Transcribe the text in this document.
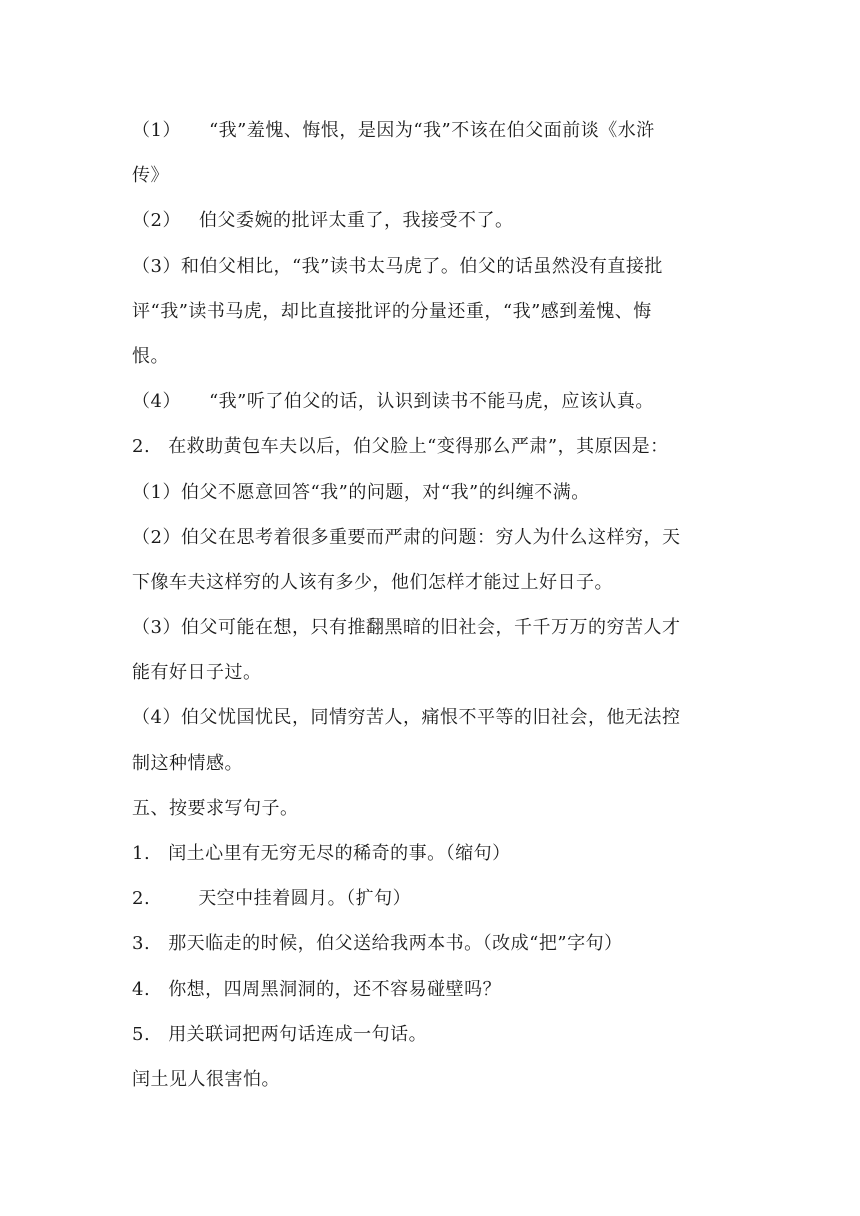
（1） “我”羞愧、悔恨，是因为“我”不该在伯父面前谈《水浒
传》
（2） 伯父委婉的批评太重了，我接受不了。
（3）和伯父相比，“我”读书太马虎了。伯父的话虽然没有直接批
评“我”读书马虎，却比直接批评的分量还重，“我”感到羞愧、悔
恨。
（4） “我”听了伯父的话，认识到读书不能马虎，应该认真。
2. 在救助黄包车夫以后，伯父脸上“变得那么严肃”，其原因是：
（1）伯父不愿意回答“我”的问题，对“我”的纠缠不满。
（2）伯父在思考着很多重要而严肃的问题：穷人为什么这样穷，天
下像车夫这样穷的人该有多少，他们怎样才能过上好日子。
（3）伯父可能在想，只有推翻黑暗的旧社会，千千万万的穷苦人才
能有好日子过。
（4）伯父忧国忧民，同情穷苦人，痛恨不平等的旧社会，他无法控
制这种情感。
五、按要求写句子。
1. 闰土心里有无穷无尽的稀奇的事。（缩句）
2.	天空中挂着圆月。（扩句）
3. 那天临走的时候，伯父送给我两本书。（改成“把”字句）
4. 你想，四周黑洞洞的，还不容易碰壁吗？
5. 用关联词把两句话连成一句话。
闰土见人很害怕。
